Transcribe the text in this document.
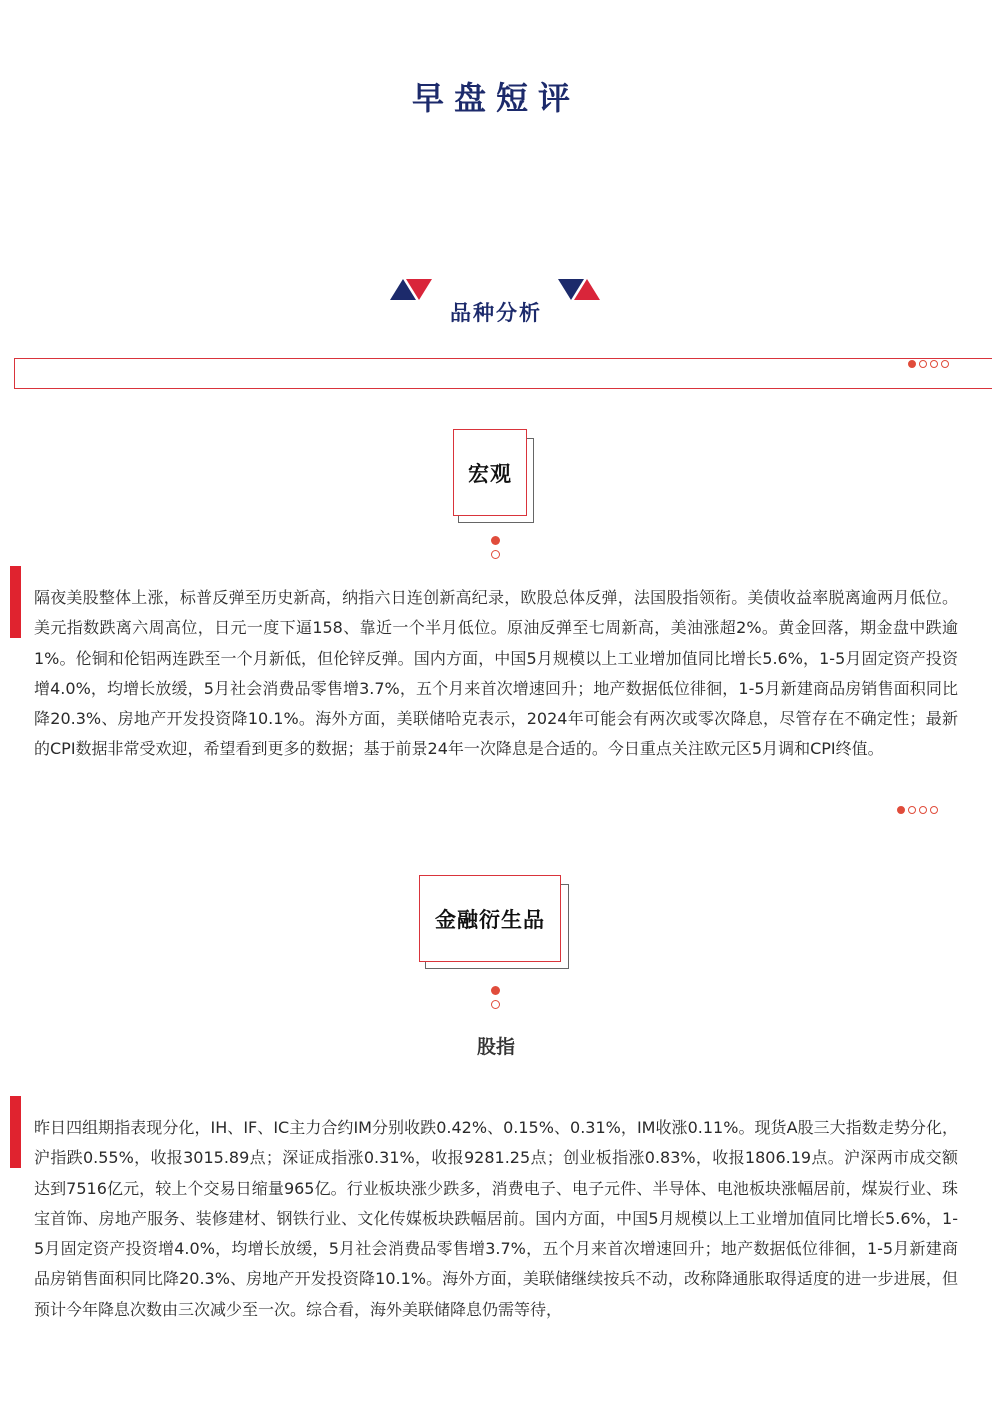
早盘短评
品种分析
宏观

隔夜美股整体上涨，标普反弹至历史新高，纳指六日连创新高纪录，欧股总体反弹，法国股指领衔。美债收益率脱离逾两月低位。美元指数跌离六周高位，日元一度下逼158、靠近一个半月低位。原油反弹至七周新高，美油涨超2%。黄金回落，期金盘中跌逾1%。伦铜和伦铝两连跌至一个月新低，但伦锌反弹。国内方面，中国5月规模以上工业增加值同比增长5.6%，1-5月固定资产投资增4.0%，均增长放缓，5月社会消费品零售增3.7%，五个月来首次增速回升；地产数据低位徘徊，1-5月新建商品房销售面积同比降20.3%、房地产开发投资降10.1%。海外方面，美联储哈克表示，2024年可能会有两次或零次降息，尽管存在不确定性；最新的CPI数据非常受欢迎，希望看到更多的数据；基于前景24年一次降息是合适的。今日重点关注欧元区5月调和CPI终值。

金融衍生品
股指

昨日四组期指表现分化，IH、IF、IC主力合约IM分别收跌0.42%、0.15%、0.31%，IM收涨0.11%。现货A股三大指数走势分化，沪指跌0.55%，收报3015.89点；深证成指涨0.31%，收报9281.25点；创业板指涨0.83%，收报1806.19点。沪深两市成交额达到7516亿元，较上个交易日缩量965亿。行业板块涨少跌多，消费电子、电子元件、半导体、电池板块涨幅居前，煤炭行业、珠宝首饰、房地产服务、装修建材、钢铁行业、文化传媒板块跌幅居前。国内方面，中国5月规模以上工业增加值同比增长5.6%，1-5月固定资产投资增4.0%，均增长放缓，5月社会消费品零售增3.7%，五个月来首次增速回升；地产数据低位徘徊，1-5月新建商品房销售面积同比降20.3%、房地产开发投资降10.1%。海外方面，美联储继续按兵不动，改称降通胀取得适度的进一步进展，但预计今年降息次数由三次减少至一次。综合看，海外美联储降息仍需等待，
